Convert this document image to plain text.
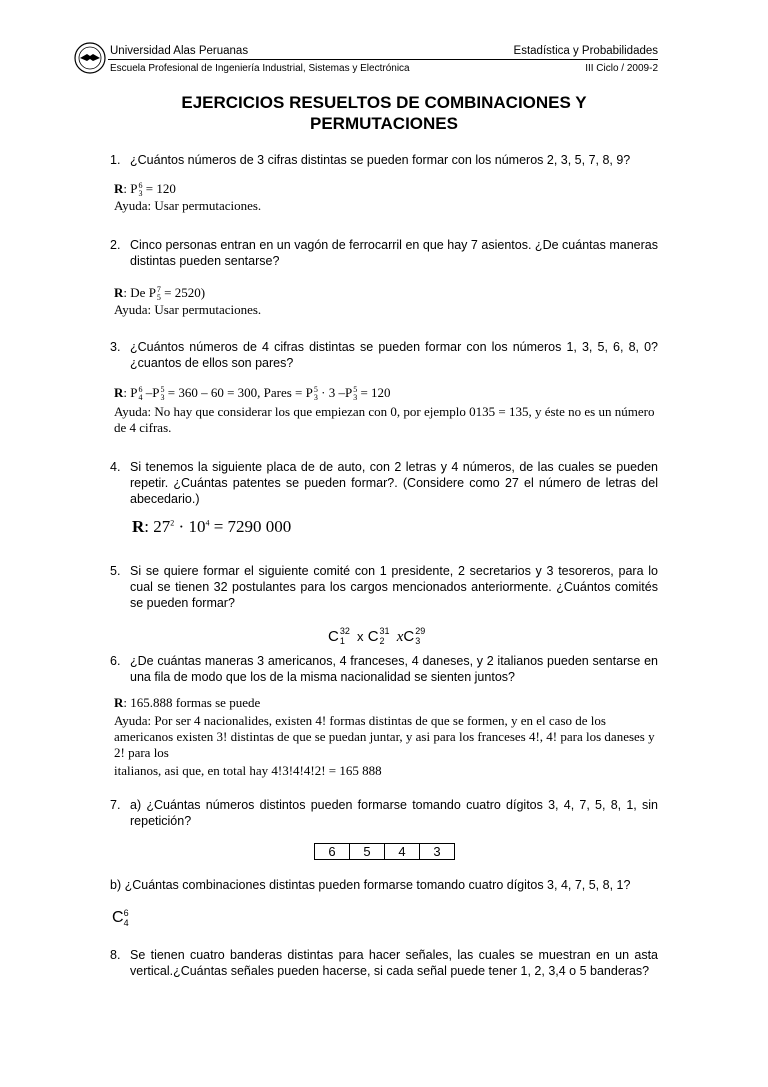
Universidad Alas Peruanas	Estadística y Probabilidades
Escuela Profesional de Ingeniería Industrial, Sistemas y Electrónica	III Ciclo / 2009-2
EJERCICIOS RESUELTOS DE COMBINACIONES Y
PERMUTACIONES
1. ¿Cuántos números de 3 cifras distintas se pueden formar con los números 2, 3, 5, 7, 8, 9?
R: P 6
3 = 120
Ayuda: Usar permutaciones.
2. Cinco personas entran en un vagón de ferrocarril en que hay 7 asientos. ¿De cuántas maneras distintas pueden sentarse?
R: De P 7
5 = 2520)
Ayuda: Usar permutaciones.
3. ¿Cuántos números de 4 cifras distintas se pueden formar con los números 1, 3, 5, 6, 8, 0?¿cuantos de ellos son pares?
R: P 6
4 –P 5
3 = 360 – 60 = 300, Pares = P 5
3 · 3 –P 5
3 = 120
Ayuda: No hay que considerar los que empiezan con 0, por ejemplo 0135 = 135, y éste no es un número de 4 cifras.
4. Si tenemos la siguiente placa de de auto, con 2 letras y 4 números, de las cuales se pueden repetir. ¿Cuántas patentes se pueden formar?. (Considere como 27 el número de letras del abecedario.)
R: $27^2 \cdot 10^4 = 7290$ 000
5. Si se quiere formar el siguiente comité con 1 presidente, 2 secretarios y 3 tesoreros, para lo cual se tienen 32 postulantes para los cargos mencionados anteriormente. ¿Cuántos comités se pueden formar?
C 32
1 x C 31
2 xC 29
3
6. ¿De cuántas maneras 3 americanos, 4 franceses, 4 daneses, y 2 italianos pueden sentarse en una fila de modo que los de la misma nacionalidad se sienten juntos?
R: 165.888 formas se puede
Ayuda: Por ser 4 nacionalides, existen 4! formas distintas de que se formen, y en el caso de los americanos existen 3! distintas de que se puedan juntar, y asi para los franceses 4!, 4! para los daneses y 2! para los
italianos, asi que, en total hay 4!3!4!4!2! = 165 888
7. a) ¿Cuántas números distintos pueden formarse tomando cuatro dígitos 3, 4, 7, 5, 8, 1, sin repetición?
6	5	4	3
b) ¿Cuántas combinaciones distintas pueden formarse tomando cuatro dígitos 3, 4, 7, 5, 8, 1?
C 6
4
8. Se tienen cuatro banderas distintas para hacer señales, las cuales se muestran en un asta vertical.¿Cuántas señales pueden hacerse, si cada señal puede tener 1, 2, 3,4 o 5 banderas?
